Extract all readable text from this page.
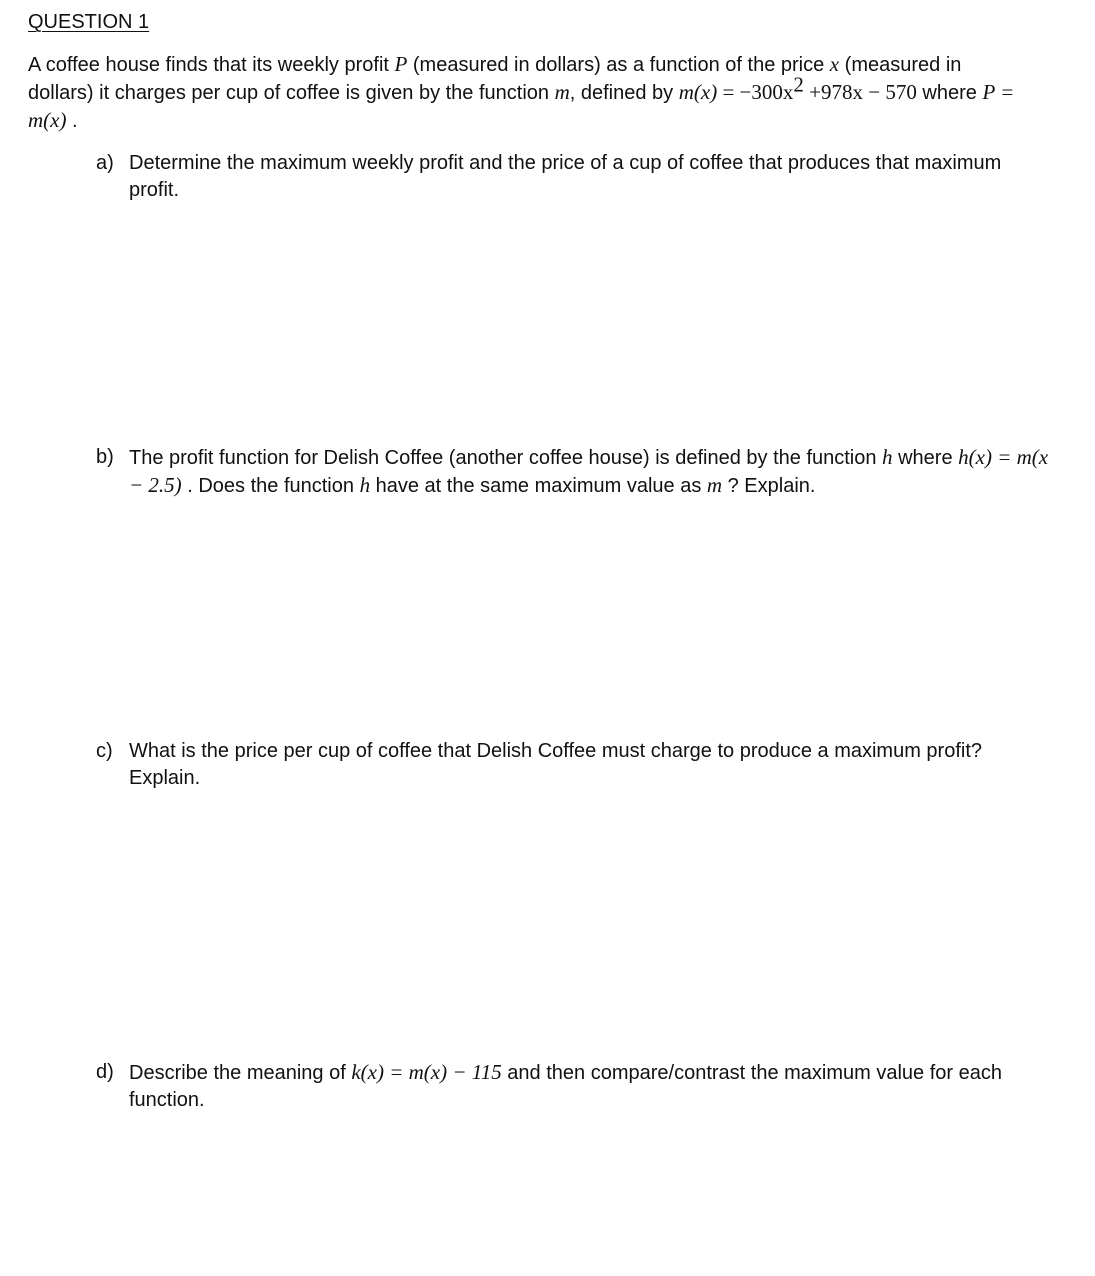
QUESTION 1

A coffee house finds that its weekly profit P (measured in dollars) as a function of the price x (measured in dollars) it charges per cup of coffee is given by the function m, defined by $m(x) = -300x^2 +978x - 570$ where P = m(x) .

a) Determine the maximum weekly profit and the price of a cup of coffee that produces that maximum profit.

b) The profit function for Delish Coffee (another coffee house) is defined by the function h where h(x) = m(x − 2.5) . Does the function h have at the same maximum value as m ? Explain.

c) What is the price per cup of coffee that Delish Coffee must charge to produce a maximum profit? Explain.

d) Describe the meaning of k(x) = m(x) − 115 and then compare/contrast the maximum value for each function.
